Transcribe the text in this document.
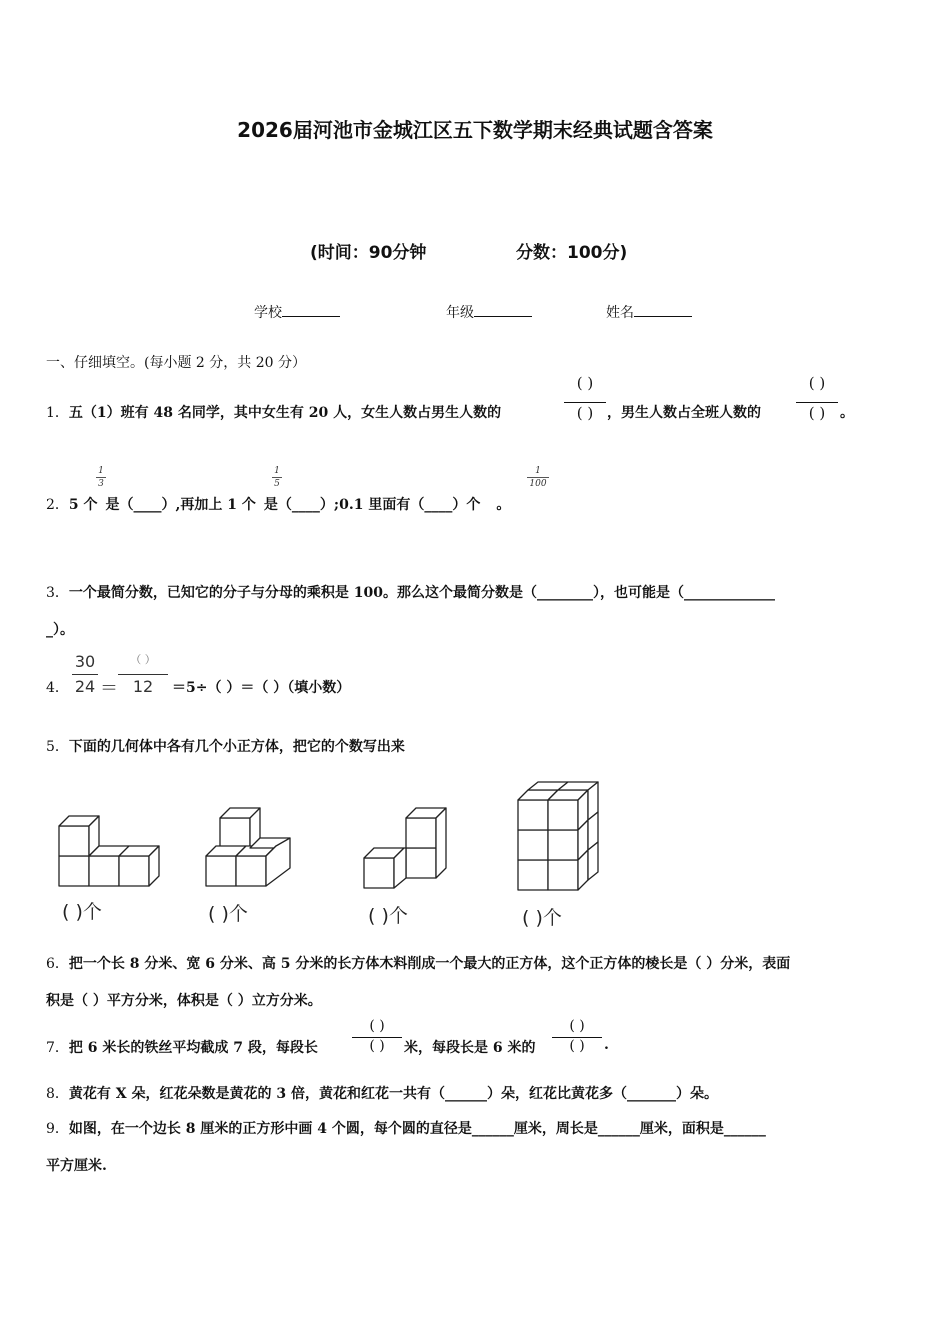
2026届河池市金城江区五下数学期末经典试题含答案
(时间：90分钟	分数：100分)
学校	年级	姓名
一、仔细填空。(每小题 2 分，共 20 分）
1．五（1）班有 48 名同学，其中女生有 20 人，女生人数占男生人数的
( )
( ) ，男生人数占全班人数的
( )
( )	。
2．5 个 是（____）,再加上 1 个 是（____）;0.1 里面有（____）个 。
1
3
1
5
1
100
3．一个最简分数，已知它的分子与分母的乘积是 100。那么这个最简分数是（________），也可能是（_____________
_）。
4．
30
24 ＝
（ ）
12	＝5÷（ ）＝（ ）（填小数）
5．下面的几何体中各有几个小正方体，把它的个数写出来
( )个	( )个	( )个	( )个
6．把一个长 8 分米、宽 6 分米、高 5 分米的长方体木料削成一个最大的正方体，这个正方体的棱长是（ ）分米，表面
积是（ ）平方分米，体积是（ ）立方分米。
7．把 6 米长的铁丝平均截成 7 段，每段长
( )
( )	米，每段长是 6 米的
( )
( )	.
8．黄花有 X 朵，红花朵数是黄花的 3 倍，黄花和红花一共有（______）朵，红花比黄花多（_______）朵。
9．如图，在一个边长 8 厘米的正方形中画 4 个圆，每个圆的直径是______厘米，周长是______厘米，面积是______
平方厘米.
